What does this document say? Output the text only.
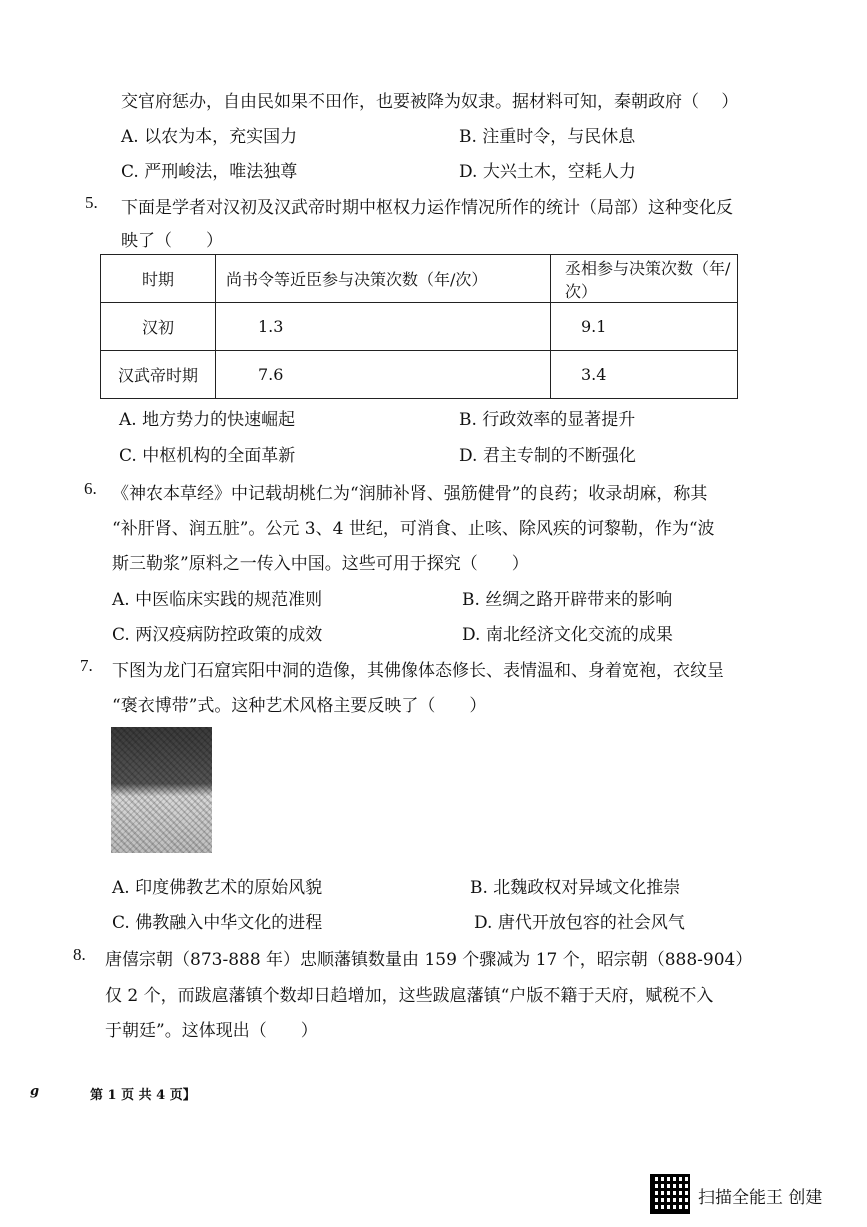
交官府惩办，自由民如果不田作，也要被降为奴隶。据材料可知，秦朝政府（　 ）
A. 以农为本，充实国力	B. 注重时令，与民休息
C. 严刑峻法，唯法独尊	D. 大兴土木，空耗人力
5. 下面是学者对汉初及汉武帝时期中枢权力运作情况所作的统计（局部）这种变化反
映了（　　）
时期	尚书令等近臣参与决策次数（年/次）	丞相参与决策次数（年/次）
汉初	1.3	9.1
汉武帝时期	7.6	3.4
A. 地方势力的快速崛起	B. 行政效率的显著提升
C. 中枢机构的全面革新	D. 君主专制的不断强化
6. 《神农本草经》中记载胡桃仁为“润肺补肾、强筋健骨”的良药；收录胡麻，称其
“补肝肾、润五脏”。公元 3、4 世纪，可消食、止咳、除风疾的诃黎勒，作为“波
斯三勒浆”原料之一传入中国。这些可用于探究（　　）
A. 中医临床实践的规范准则	B. 丝绸之路开辟带来的影响
C. 两汉疫病防控政策的成效	D. 南北经济文化交流的成果
7. 下图为龙门石窟宾阳中洞的造像，其佛像体态修长、表情温和、身着宽袍，衣纹呈
“褒衣博带”式。这种艺术风格主要反映了（　　）
A. 印度佛教艺术的原始风貌	B. 北魏政权对异域文化推崇
C. 佛教融入中华文化的进程	D. 唐代开放包容的社会风气
8. 唐僖宗朝（873-888 年）忠顺藩镇数量由 159 个骤减为 17 个，昭宗朝（888-904）
仅 2 个，而跋扈藩镇个数却日趋增加，这些跋扈藩镇“户版不籍于天府，赋税不入
于朝廷”。这体现出（　　）
g	第 1 页 共 4 页】
扫描全能王 创建
